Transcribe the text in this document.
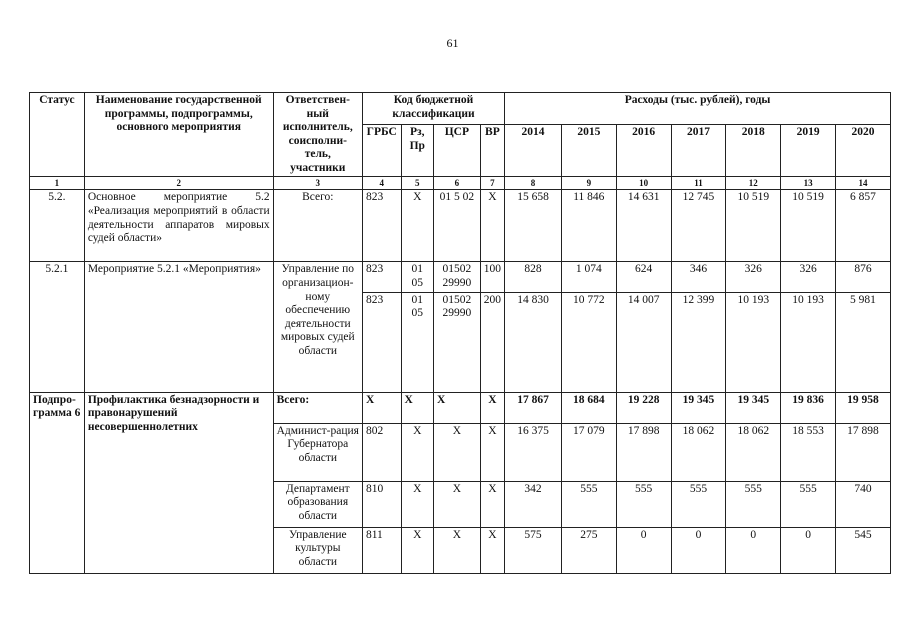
61
Статус	Наименование государственной программы, подпрограммы, основного мероприятия	Ответствен-ный исполнитель, соисполни-тель, участники	Код бюджетной классификации				Расходы (тыс. рублей), годы						
			ГРБС	Рз, Пр	ЦСР	ВР	2014	2015	2016	2017	2018	2019	2020
1	2	3	4	5	6	7	8	9	10	11	12	13	14
5.2.	Основное мероприятие 5.2 «Реализация мероприятий в области деятельности аппаратов мировых судей области»	Всего:	823	Х	01 5 02	Х	15 658	11 846	14 631	12 745	10 519	10 519	6 857
5.2.1	Мероприятие 5.2.1 «Мероприятия»	Управление по организацион-ному обеспечению деятельности мировых судей области	823	01 05	01502 29990	100	828	1 074	624	346	326	326	876
			823	01 05	01502 29990	200	14 830	10 772	14 007	12 399	10 193	10 193	5 981
Подпро-грамма 6	Профилактика безнадзорности и правонарушений несовершеннолетних	Всего:	Х	Х	Х	Х	17 867	18 684	19 228	19 345	19 345	19 836	19 958
		Админист-рация Губернатора области	802	Х	Х	Х	16 375	17 079	17 898	18 062	18 062	18 553	17 898
		Департамент образования области	810	Х	Х	Х	342	555	555	555	555	555	740
		Управление культуры области	811	Х	Х	Х	575	275	0	0	0	0	545
